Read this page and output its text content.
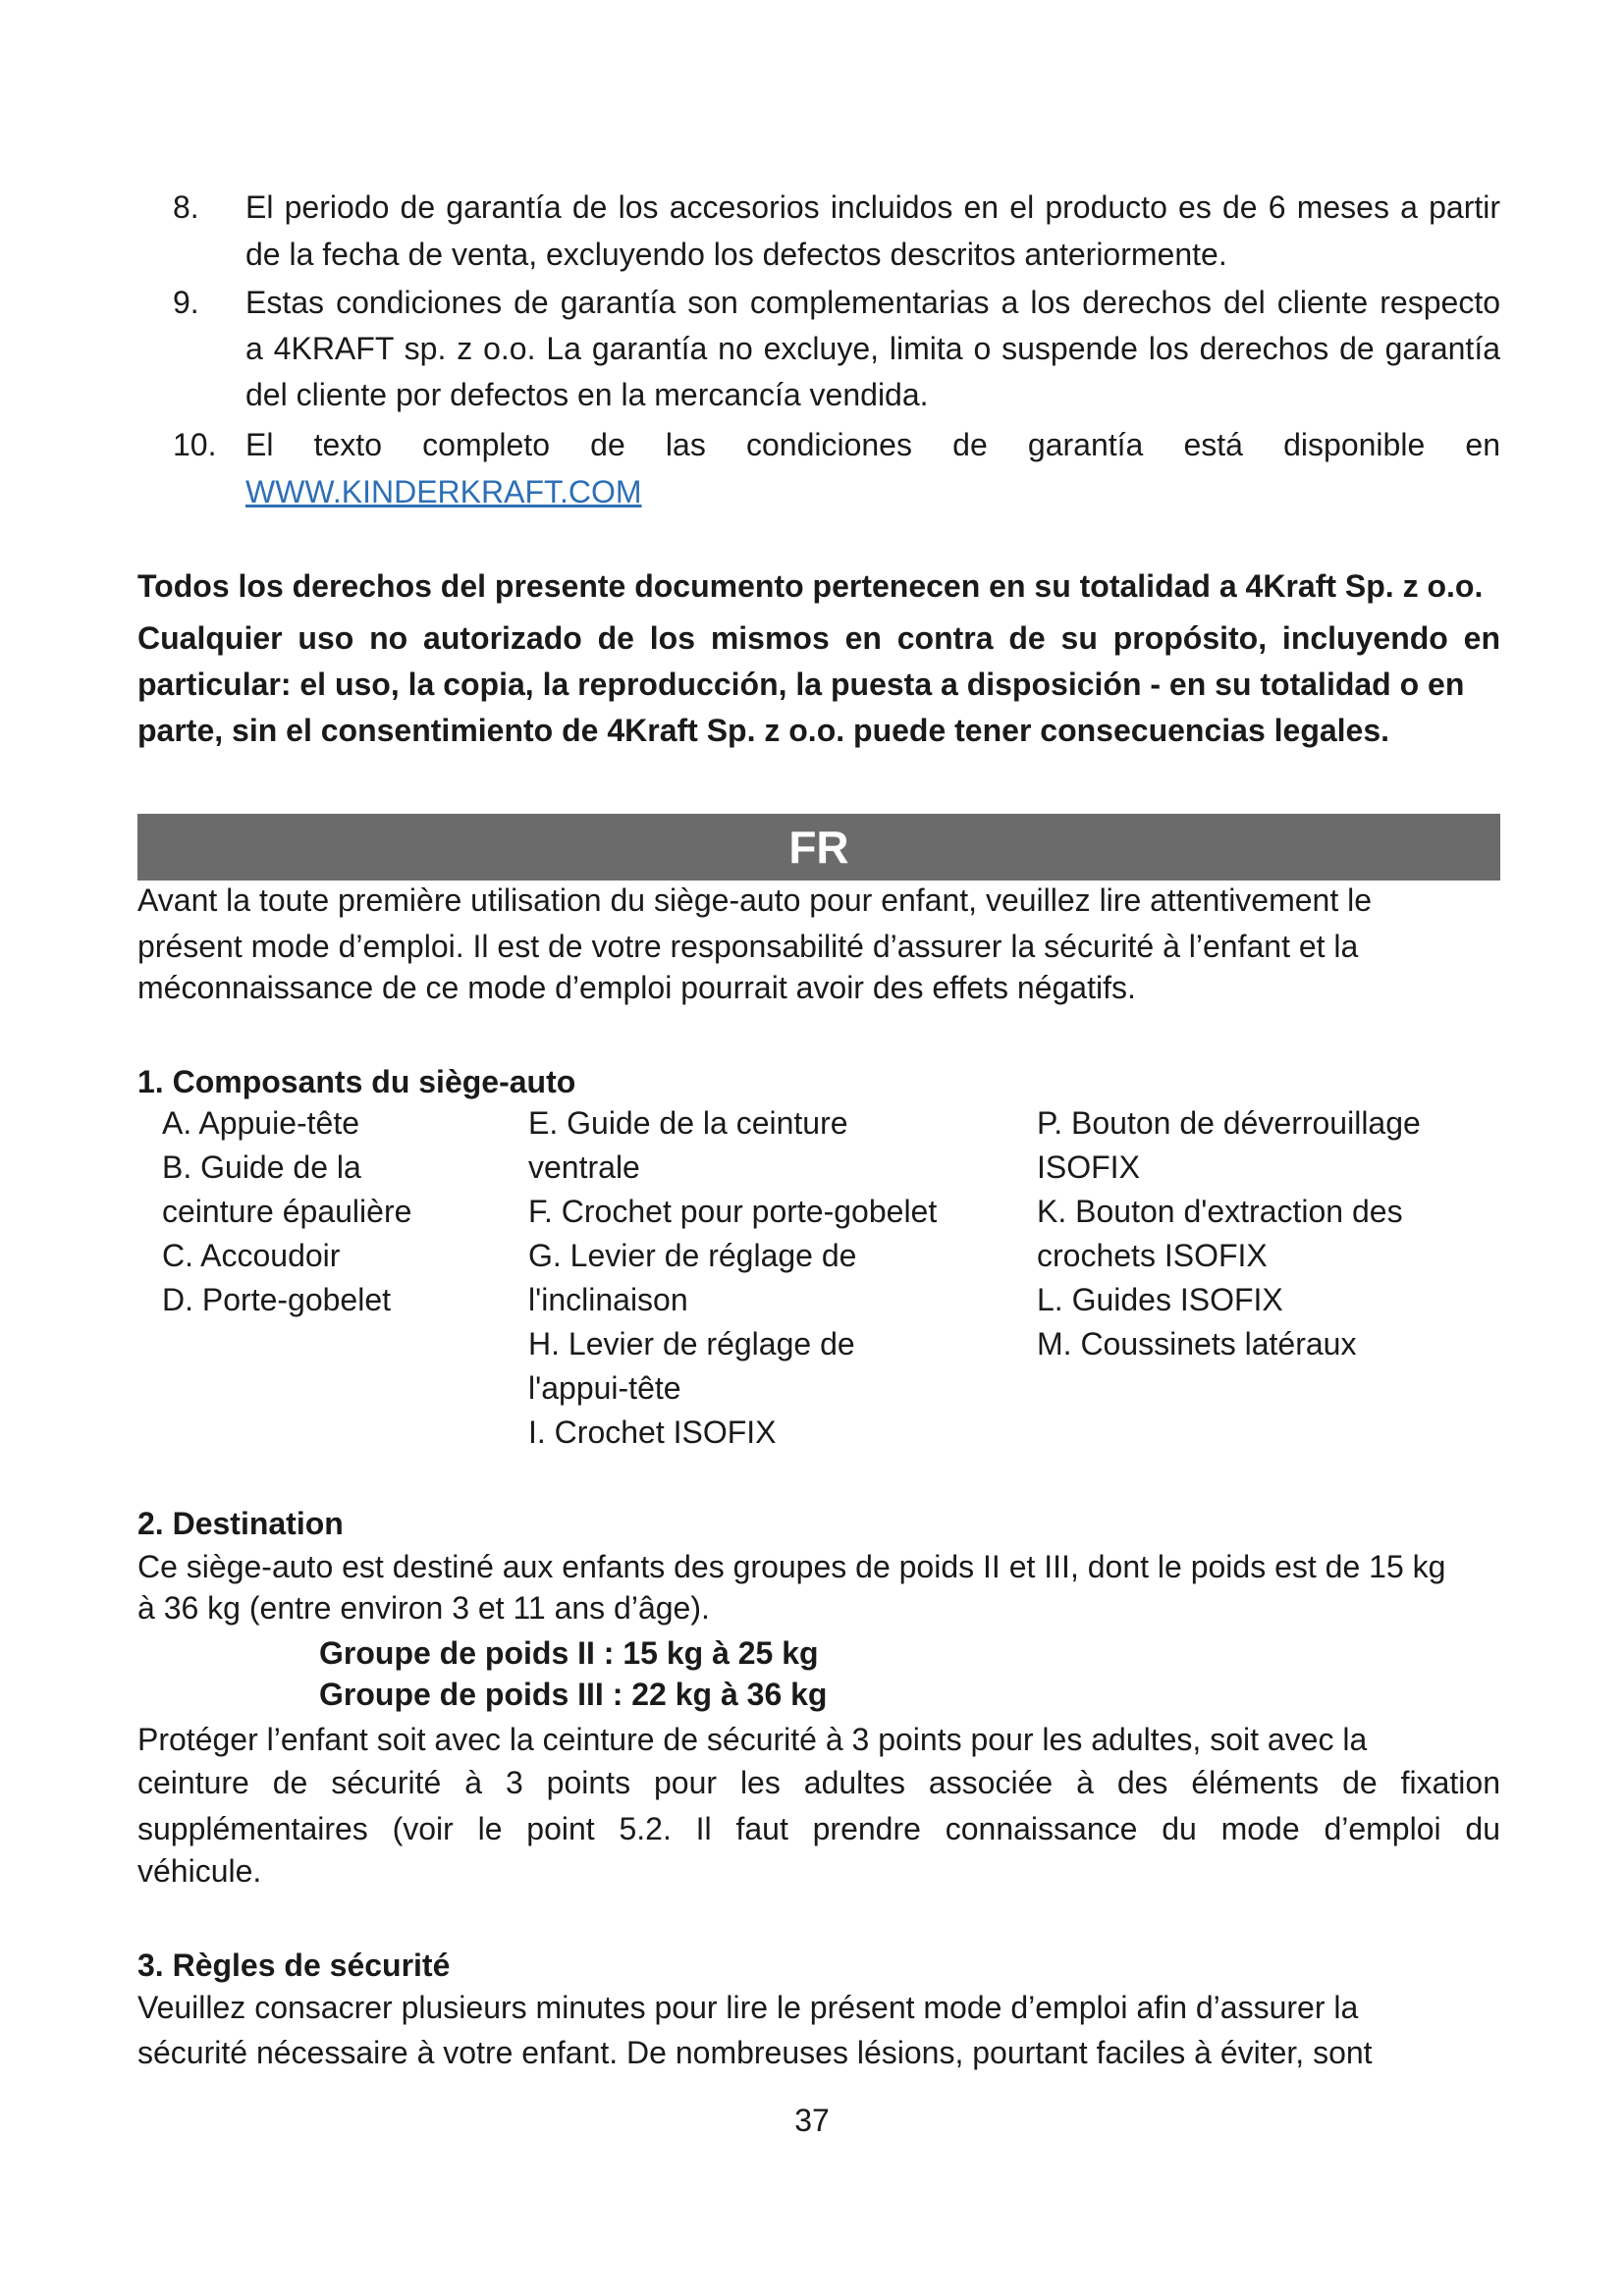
8. El periodo de garantía de los accesorios incluidos en el producto es de 6 meses a partir
de la fecha de venta, excluyendo los defectos descritos anteriormente.
9. Estas condiciones de garantía son complementarias a los derechos del cliente respecto
a 4KRAFT sp. z o.o. La garantía no excluye, limita o suspende los derechos de garantía
del cliente por defectos en la mercancía vendida.
10. El texto completo de las condiciones de garantía está disponible en
WWW.KINDERKRAFT.COM
Todos los derechos del presente documento pertenecen en su totalidad a 4Kraft Sp. z o.o.
Cualquier uso no autorizado de los mismos en contra de su propósito, incluyendo en
particular: el uso, la copia, la reproducción, la puesta a disposición - en su totalidad o en
parte, sin el consentimiento de 4Kraft Sp. z o.o. puede tener consecuencias legales.
FR
Avant la toute première utilisation du siège-auto pour enfant, veuillez lire attentivement le
présent mode d’emploi. Il est de votre responsabilité d’assurer la sécurité à l’enfant et la
méconnaissance de ce mode d’emploi pourrait avoir des effets négatifs.
1. Composants du siège-auto
A. Appuie-tête
B. Guide de la
ceinture épaulière
C. Accoudoir
D. Porte-gobelet
E. Guide de la ceinture
ventrale
F. Crochet pour porte-gobelet
G. Levier de réglage de
l'inclinaison
H. Levier de réglage de
l'appui-tête
I. Crochet ISOFIX
P. Bouton de déverrouillage
ISOFIX
K. Bouton d'extraction des
crochets ISOFIX
L. Guides ISOFIX
M. Coussinets latéraux
2. Destination
Ce siège-auto est destiné aux enfants des groupes de poids II et III, dont le poids est de 15 kg
à 36 kg (entre environ 3 et 11 ans d’âge).
Groupe de poids II : 15 kg à 25 kg
Groupe de poids III : 22 kg à 36 kg
Protéger l’enfant soit avec la ceinture de sécurité à 3 points pour les adultes, soit avec la
ceinture de sécurité à 3 points pour les adultes associée à des éléments de fixation
supplémentaires (voir le point 5.2. Il faut prendre connaissance du mode d’emploi du
véhicule.
3. Règles de sécurité
Veuillez consacrer plusieurs minutes pour lire le présent mode d’emploi afin d’assurer la
sécurité nécessaire à votre enfant. De nombreuses lésions, pourtant faciles à éviter, sont
37
